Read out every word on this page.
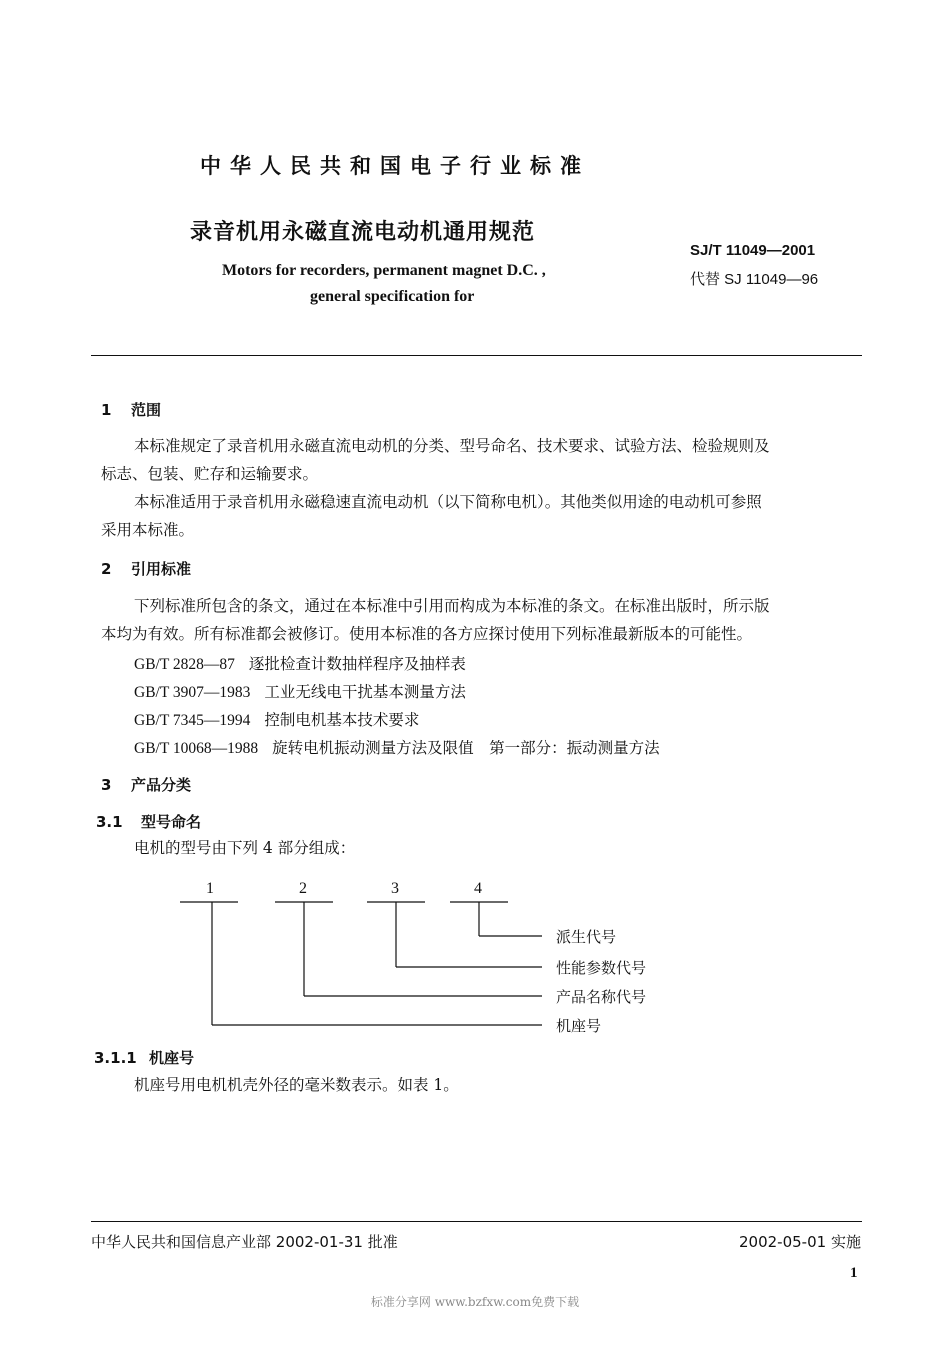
中华人民共和国电子行业标准
录音机用永磁直流电动机通用规范
Motors for recorders, permanent magnet D.C. ,
general specification for
SJ/T 11049—2001
代替 SJ 11049—96
1 范围
本标准规定了录音机用永磁直流电动机的分类、型号命名、技术要求、试验方法、检验规则及
标志、包装、贮存和运输要求。
本标准适用于录音机用永磁稳速直流电动机（以下简称电机）。其他类似用途的电动机可参照
采用本标准。
2 引用标准
下列标准所包含的条文，通过在本标准中引用而构成为本标准的条文。在标准出版时，所示版
本均为有效。所有标准都会被修订。使用本标准的各方应探讨使用下列标准最新版本的可能性。
GB/T 2828—87 逐批检查计数抽样程序及抽样表
GB/T 3907—1983 工业无线电干扰基本测量方法
GB/T 7345—1994 控制电机基本技术要求
GB/T 10068—1988 旋转电机振动测量方法及限值　第一部分：振动测量方法
3 产品分类
3.1 型号命名
电机的型号由下列 4 部分组成：
1	2	3	4
派生代号
性能参数代号
产品名称代号
机座号
3.1.1 机座号
机座号用电机机壳外径的毫米数表示。如表 1。
中华人民共和国信息产业部 2002-01-31 批准	2002-05-01 实施
1
标准分享网 www.bzfxw.com免费下载
